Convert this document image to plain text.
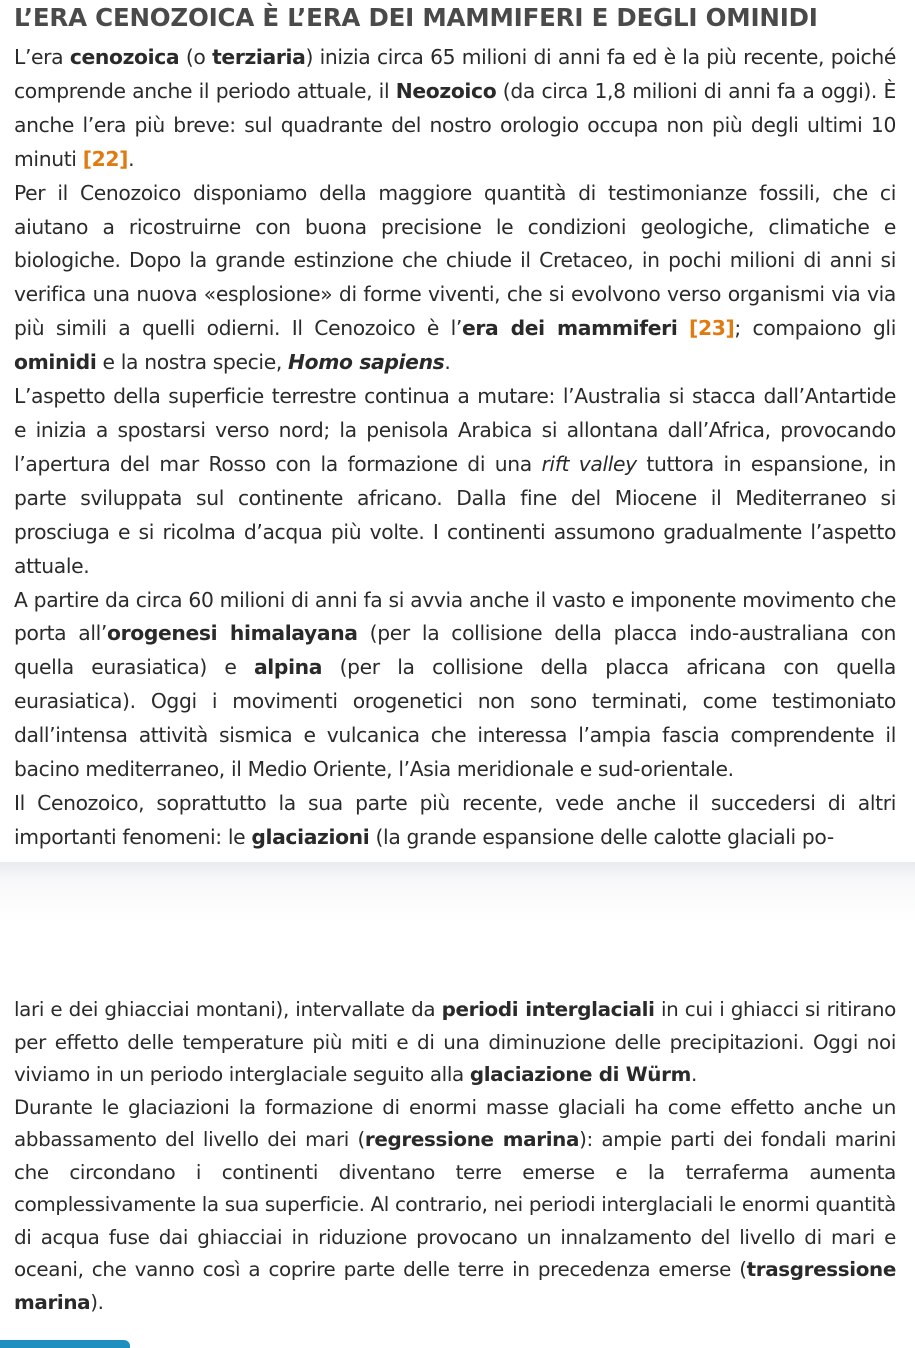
L’ERA CENOZOICA È L’ERA DEI MAMMIFERI E DEGLI OMINIDI

L’era cenozoica (o terziaria) inizia circa 65 milioni di anni fa ed è la più recente, poiché comprende anche il periodo attuale, il Neozoico (da circa 1,8 milioni di anni fa a oggi). È anche l’era più breve: sul quadrante del nostro orologio occupa non più degli ultimi 10 minuti [22].

Per il Cenozoico disponiamo della maggiore quantità di testimonianze fossili, che ci aiutano a ricostruirne con buona precisione le condizioni geologiche, climatiche e biologiche. Dopo la grande estinzione che chiude il Cretaceo, in pochi milioni di anni si verifica una nuova «esplosione» di forme viventi, che si evolvono verso organismi via via più simili a quelli odierni. Il Cenozoico è l’era dei mammiferi [23]; compaiono gli ominidi e la nostra specie, Homo sapiens.

L’aspetto della superficie terrestre continua a mutare: l’Australia si stacca dall’Antartide e inizia a spostarsi verso nord; la penisola Arabica si allontana dall’Africa, provocando l’apertura del mar Rosso con la formazione di una rift valley tuttora in espansione, in parte sviluppata sul continente africano. Dalla fine del Miocene il Mediterraneo si prosciuga e si ricolma d’acqua più volte. I continenti assumono gradualmente l’aspetto attuale.

A partire da circa 60 milioni di anni fa si avvia anche il vasto e imponente movimento che porta all’orogenesi himalayana (per la collisione della placca indo-australiana con quella eurasiatica) e alpina (per la collisione della placca africana con quella eurasiatica). Oggi i movimenti orogenetici non sono terminati, come testimoniato dall’intensa attività sismica e vulcanica che interessa l’ampia fascia comprendente il bacino mediterraneo, il Medio Oriente, l’Asia meridionale e sud-orientale.

Il Cenozoico, soprattutto la sua parte più recente, vede anche il succedersi di altri importanti fenomeni: le glaciazioni (la grande espansione delle calotte glaciali po-

lari e dei ghiacciai montani), intervallate da periodi interglaciali in cui i ghiacci si ritirano per effetto delle temperature più miti e di una diminuzione delle precipitazioni. Oggi noi viviamo in un periodo interglaciale seguito alla glaciazione di Würm.

Durante le glaciazioni la formazione di enormi masse glaciali ha come effetto anche un abbassamento del livello dei mari (regressione marina): ampie parti dei fondali marini che circondano i continenti diventano terre emerse e la terraferma aumenta complessivamente la sua superficie. Al contrario, nei periodi interglaciali le enormi quantità di acqua fuse dai ghiacciai in riduzione provocano un innalzamento del livello di mari e oceani, che vanno così a coprire parte delle terre in precedenza emerse (trasgressione marina).
